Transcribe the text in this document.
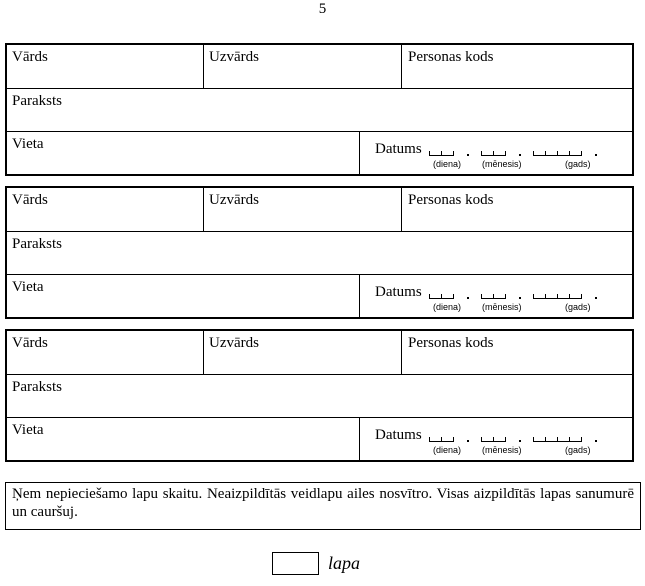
5
Vārds	Uzvārds	Personas kods
Paraksts
Vieta	Datums
(diena) (mēnesis)	(gads)
Vārds	Uzvārds	Personas kods
Paraksts
Vieta	Datums
(diena) (mēnesis)	(gads)
Vārds	Uzvārds	Personas kods
Paraksts
Vieta	Datums
(diena) (mēnesis)	(gads)
Ņem nepieciešamo lapu skaitu. Neaizpildītās veidlapu ailes nosvītro. Visas aizpildītās lapas sanumurē un cauršuj.
lapa
